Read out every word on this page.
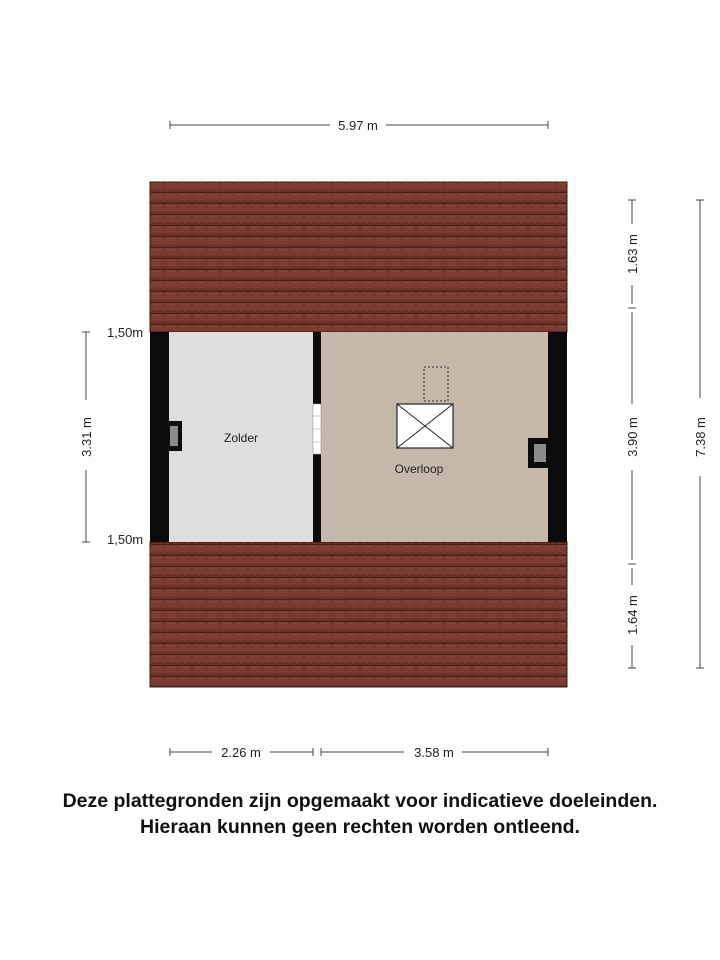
5.97 m
Zolder
Overloop
3.31 m
1,50m
1,50m
1.63 m
3.90 m
1.64 m
7.38 m
2.26 m	3.58 m
Deze plattegronden zijn opgemaakt voor indicatieve doeleinden.
Hieraan kunnen geen rechten worden ontleend.
